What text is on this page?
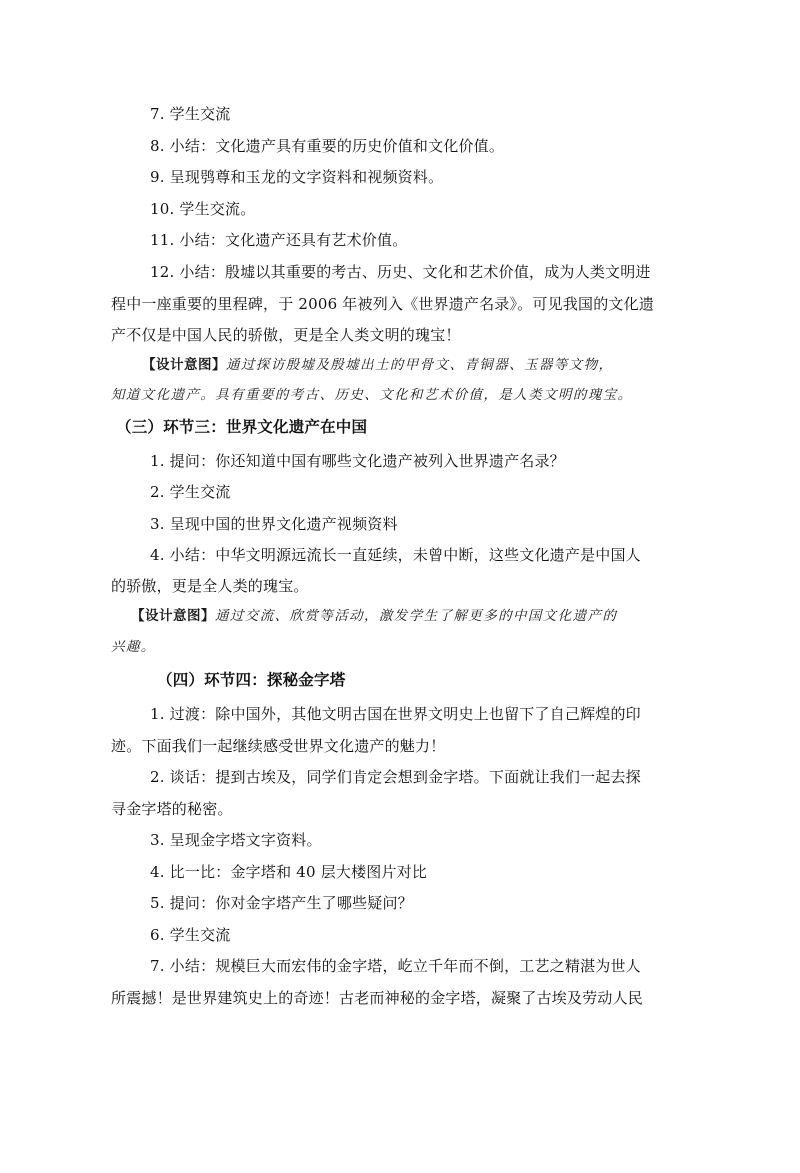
7. 学生交流
8. 小结：文化遗产具有重要的历史价值和文化价值。
9. 呈现鸮尊和玉龙的文字资料和视频资料。
10. 学生交流。
11. 小结：文化遗产还具有艺术价值。
12. 小结：殷墟以其重要的考古、历史、文化和艺术价值，成为人类文明进
程中一座重要的里程碑，于 2006 年被列入《世界遗产名录》。可见我国的文化遗
产不仅是中国人民的骄傲，更是全人类文明的瑰宝！
【设计意图】通过探访殷墟及殷墟出土的甲骨文、青铜器、玉器等文物，
知道文化遗产。具有重要的考古、历史、文化和艺术价值，是人类文明的瑰宝。
（三）环节三：世界文化遗产在中国
1. 提问：你还知道中国有哪些文化遗产被列入世界遗产名录？
2. 学生交流
3. 呈现中国的世界文化遗产视频资料
4. 小结：中华文明源远流长一直延续，未曾中断，这些文化遗产是中国人
的骄傲，更是全人类的瑰宝。
【设计意图】通过交流、欣赏等活动，激发学生了解更多的中国文化遗产的
兴趣。
（四）环节四：探秘金字塔
1. 过渡：除中国外，其他文明古国在世界文明史上也留下了自己辉煌的印
迹。下面我们一起继续感受世界文化遗产的魅力！
2. 谈话：提到古埃及，同学们肯定会想到金字塔。下面就让我们一起去探
寻金字塔的秘密。
3. 呈现金字塔文字资料。
4. 比一比：金字塔和 40 层大楼图片对比
5. 提问：你对金字塔产生了哪些疑问？
6. 学生交流
7. 小结：规模巨大而宏伟的金字塔，屹立千年而不倒，工艺之精湛为世人
所震撼！是世界建筑史上的奇迹！古老而神秘的金字塔，凝聚了古埃及劳动人民
